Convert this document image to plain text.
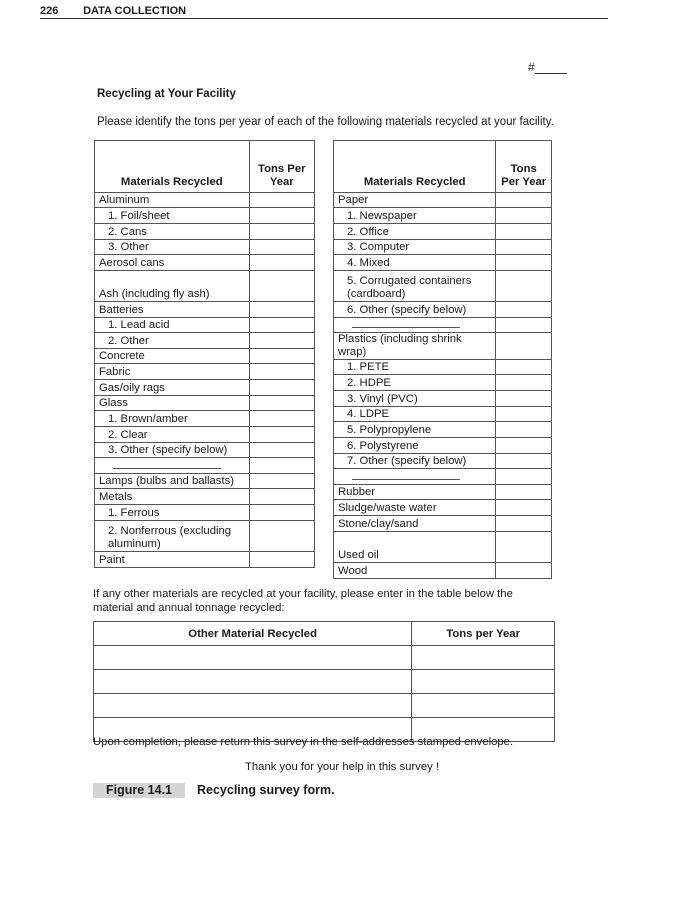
226 DATA COLLECTION
#
Recycling at Your Facility
Please identify the tons per year of each of the following materials recycled at your facility.
Materials Recycled	Tons Per Year
Aluminum	
1. Foil/sheet	
2. Cans	
3. Other	
Aerosol cans	
Ash (including fly ash)	
Batteries	
1. Lead acid	
2. Other	
Concrete	
Fabric	
Gas/oily rags	
Glass	
1. Brown/amber	
2. Clear	
3. Other (specify below)	

Lamps (bulbs and ballasts)	
Metals	
1. Ferrous	
2. Nonferrous (excluding aluminum)	
Paint	
Materials Recycled	Tons Per Year
Paper	
1. Newspaper	
2. Office	
3. Computer	
4. Mixed	
5. Corrugated containers (cardboard)	
6. Other (specify below)	

Plastics (including shrink wrap)	
1. PETE	
2. HDPE	
3. Vinyl (PVC)	
4. LDPE	
5. Polypropylene	
6. Polystyrene	
7. Other (specify below)	

Rubber	
Sludge/waste water	
Stone/clay/sand	
Used oil	
Wood	
If any other materials are recycled at your facility, please enter in the table below the material and annual tonnage recycled:
Other Material Recycled	Tons per Year

Upon completion, please return this survey in the self-addresses stamped envelope.
Thank you for your help in this survey !
Figure 14.1	Recycling survey form.
